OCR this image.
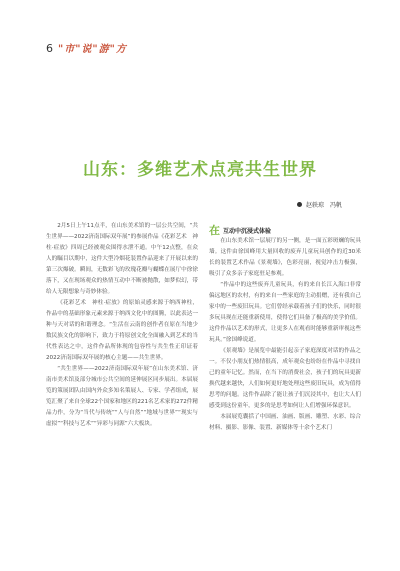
6 "市"说"游"方
山东：多维艺术点亮共生世界
赵轶琼　冯帆

2月5日上午11点半，在山东美术馆的一层公共空间，“共生世界——2022济南国际双年展”的参展作品《花彩艺术　神柱·症放》四周已经被观众围得水泄不通。中午12点整，在众人的瞩目以期中，这件大型冷烟花装置作品迎来了开展以来的第三次爆破。瞬间，无数彩飞的玫瑰花瓣与蝴蝶在展厅中徐徐落下，又在现场观众的热情互动中不断被抛散，如梦似幻，带给人无限想象与奇妙体验。

《花彩艺术　神柱·症放》的原始灵感来源于纳西神柱，作品中的基础形象元素来源于纳西文化中的图腾，以此表达一种与天对话的和谐理念。“生活在云南的创作者在原在当地少数民族文化的影响下，致力于将原创文化全面融入到艺术的当代性表达之中，这件作品所体现的包容性与共生性正印证着2022济南国际双年展的核心主题——共生世界。

“共生世界——2022济南国际双年展”在山东美术馆、济南市美术馆及部分城市公共空间的延伸展区同步展出。本届展览的策展团队由国内外众多知名策展人、专家、学者组成，展览汇聚了来自全球22个国家和地区的221名艺术家的272件精品力作，分为“当代与传统”“人与自然”“地域与世界”“现实与虚拟”“科技与艺术”“异彩与同源”六大板块。

在 互动中沉浸式体验

在山东美术馆一层展厅的另一侧，是一面五彩斑斓的玩具墙。这件由徐国峰用大量回收的废弃儿童玩具创作的近30米长的装置艺术作品《景观墙》，色彩亮丽，视觉冲击力极强，吸引了众多亲子家庭驻足参观。

“作品中的这些废弃儿童玩具，有的来自长江入海口非常偏远地区的农村，有的来自一些家庭的主动捐赠，还有我自己家中的一些废旧玩具。它们曾经承载着孩子们的快乐，同时很多玩具现在还能重新使用，使得它们具备了极高的美学价值。这件作品以艺术的形式，让更多人在观看时能够重新审视这些玩具。”徐国峰说道。

《景观墙》是展览中最能引起亲子家庭深度对话的作品之一。不仅小朋友们热情很高，成年观众也纷纷在作品中寻找自己的童年记忆。然而，在当下的消费社会，孩子们的玩具更新换代越来越快，人们如何更好地处理这些废旧玩具，成为值得思考的问题。这件作品除了能让孩子们沉浸其中，也让大人们感受到这份童年，更多的是思考如何让人们增强环保意识。

本届展览囊括了中国画、油画、版画、雕塑、水彩、综合材料、摄影、影像、装置、新媒体等十余个艺术门
